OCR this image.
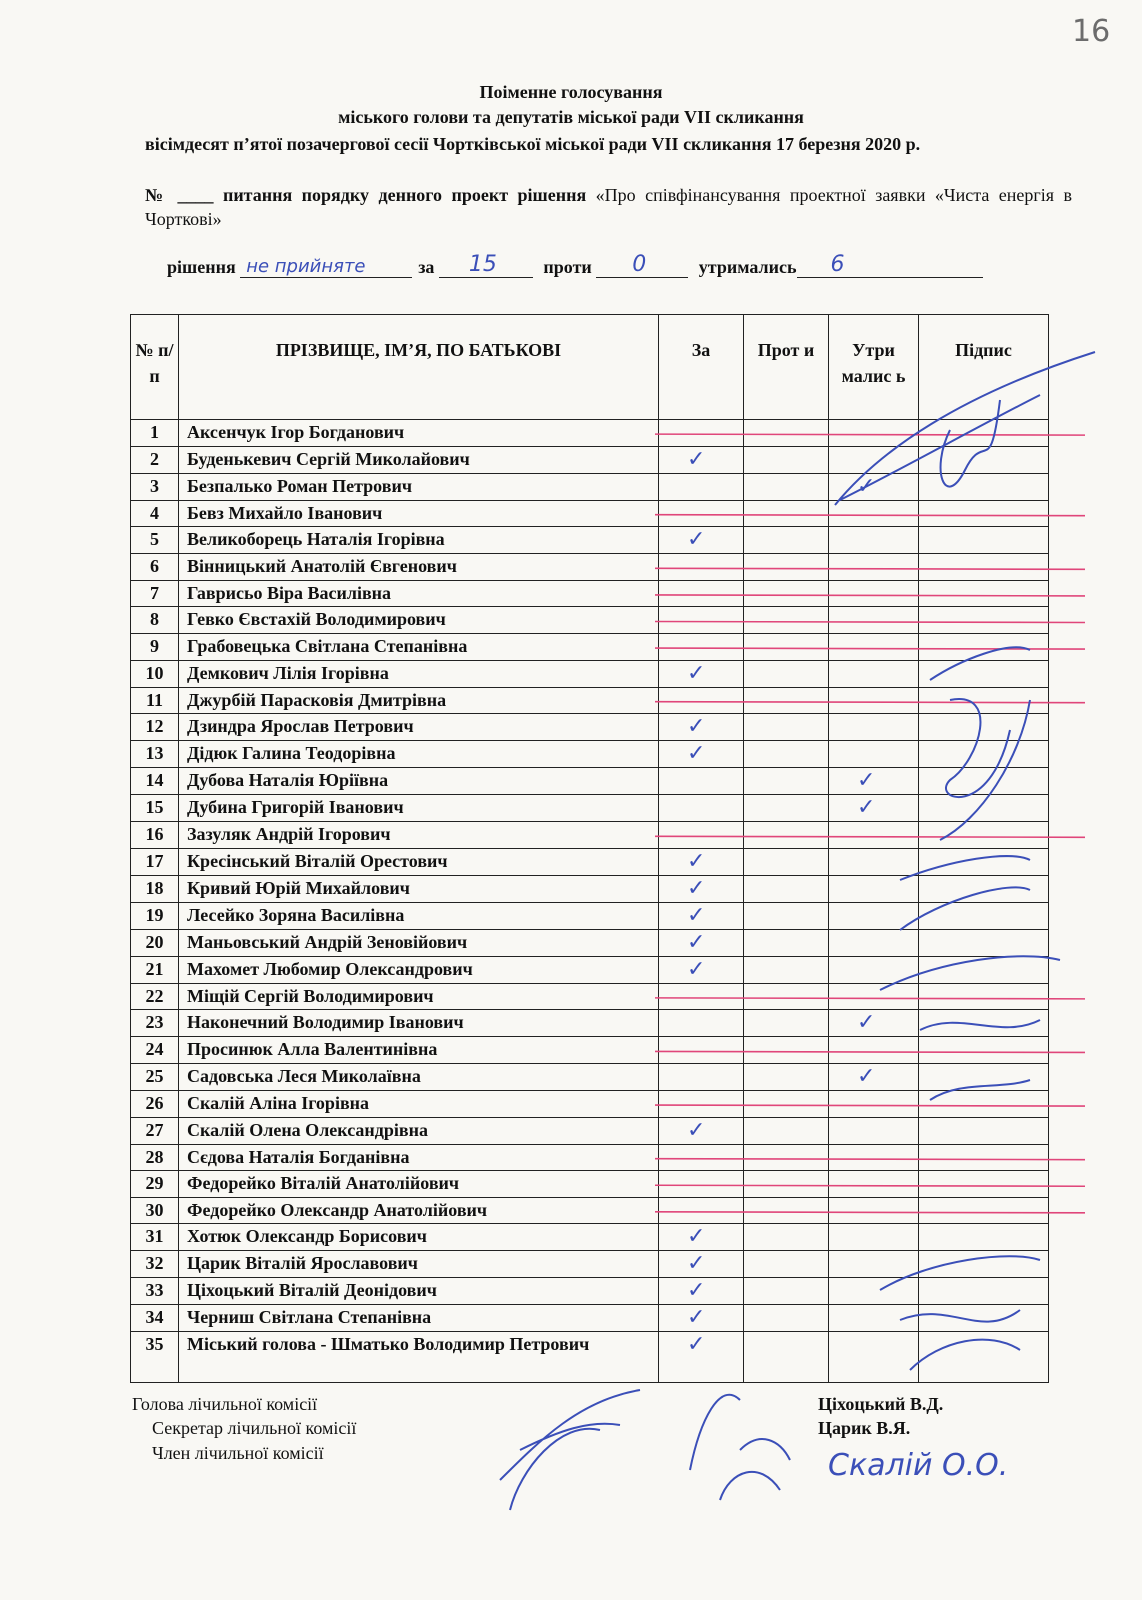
16
Поіменне голосування
міського голови та депутатів міської ради VII скликання
вісімдесят п’ятої позачергової сесії Чортківської міської ради VII скликання 17 березня 2020 р.
№ ____ питання порядку денного проект рішення «Про співфінансування проектної заявки «Чиста енергія в Чорткові»
рішення не прийняте	за 15	проти 0	утримались 6
№ п/п	ПРІЗВИЩЕ, ІМ’Я, ПО БАТЬКОВІ	За	Прот и	Утри малис ь	Підпис

1	Аксенчук Ігор Богданович				
2	Буденькевич Сергій Миколайович	✓			
3	Безпалько Роман Петрович			✓	
4	Бевз Михайло Іванович				
5	Великоборець Наталія Ігорівна	✓			
6	Вінницький Анатолій Євгенович				
7	Гаврисьо Віра Василівна				
8	Гевко Євстахій Володимирович				
9	Грабовецька Світлана Степанівна				
10	Демкович Лілія Ігорівна	✓			
11	Джурбій Парасковія Дмитрівна				
12	Дзиндра Ярослав Петрович	✓			
13	Дідюк Галина Теодорівна	✓			
14	Дубова Наталія Юріївна			✓	
15	Дубина Григорій Іванович			✓	
16	Зазуляк Андрій Ігорович				
17	Кресінський Віталій Орестович	✓			
18	Кривий Юрій Михайлович	✓			
19	Лесейко Зоряна Василівна	✓			
20	Маньовський Андрій Зеновійович	✓			
21	Махомет Любомир Олександрович	✓			
22	Міщій Сергій Володимирович				
23	Наконечний Володимир Іванович			✓	
24	Просинюк Алла Валентинівна				
25	Садовська Леся Миколаївна			✓	
26	Скалій Аліна Ігорівна				
27	Скалій Олена Олександрівна	✓			
28	Сєдова Наталія Богданівна				
29	Федорейко Віталій Анатолійович				
30	Федорейко Олександр Анатолійович				
31	Хотюк Олександр Борисович	✓			
32	Царик Віталій Ярославович	✓			
33	Ціхоцький Віталій Деонідович	✓			
34	Черниш Світлана Степанівна	✓			
35	Міський голова - Шматько Володимир Петрович	✓			
Голова лічильної комісії
Секретар лічильної комісії
Член лічильної комісії
Ціхоцький В.Д.
Царик В.Я.
Скалій О.О.
